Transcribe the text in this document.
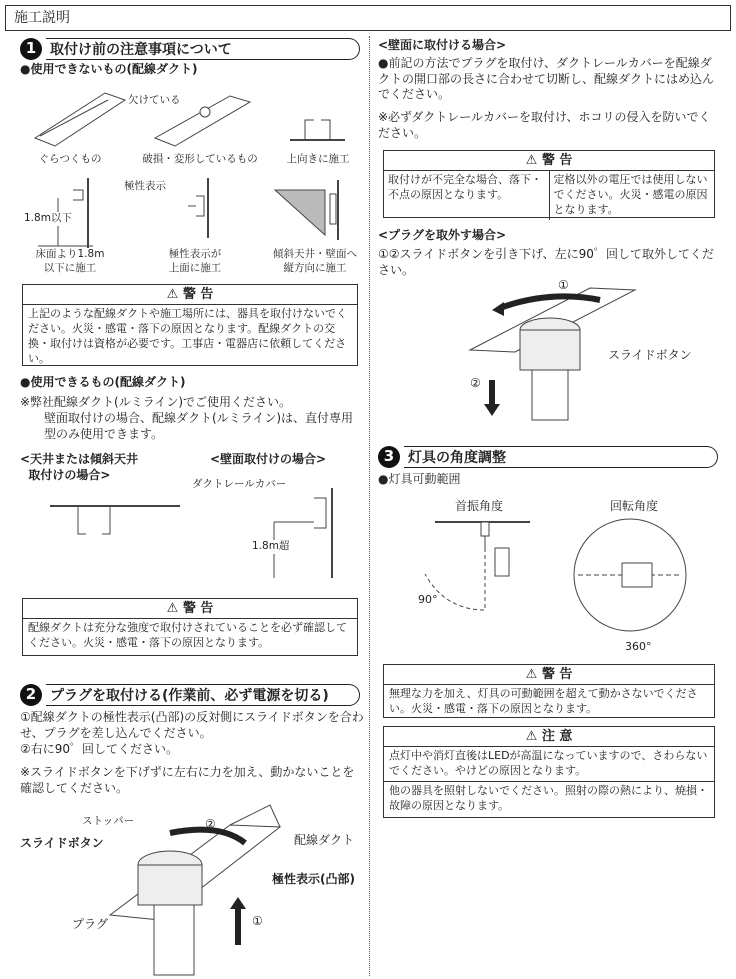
施工説明
1 取付け前の注意事項について
●使用できないもの(配線ダクト)
欠けている
ぐらつくもの	破損・変形しているもの	上向きに施工
1.8m以下
極性表示
床面より1.8m
以下に施工
極性表示が
上面に施工
傾斜天井・壁面へ
縦方向に施工
⚠ 警 告
上記のような配線ダクトや施工場所には、器具を取付けないでください。火災・感電・落下の原因となります。配線ダクトの交換・取付けは資格が必要です。工事店・電器店に依頼してください。
●使用できるもの(配線ダクト)
※弊社配線ダクト(ルミライン)でご使用ください。
壁面取付けの場合、配線ダクト(ルミライン)は、直付専用型のみ使用できます。
<天井または傾斜天井
取付けの場合>
<壁面取付けの場合>
ダクトレールカバー
1.8m超
⚠ 警 告
配線ダクトは充分な強度で取付けされていることを必ず確認してください。火災・感電・落下の原因となります。
2 プラグを取付ける(作業前、必ず電源を切る)
①配線ダクトの極性表示(凸部)の反対側にスライドボタンを合わせ、プラグを差し込んでください。
②右に90゜回してください。
※スライドボタンを下げずに左右に力を加え、動かないことを確認してください。
ストッパー
スライドボタン
プラグ
配線ダクト
極性表示(凸部)
②
①
<壁面に取付ける場合>
●前記の方法でプラグを取付け、ダクトレールカバーを配線ダクトの開口部の長さに合わせて切断し、配線ダクトにはめ込んでください。
※必ずダクトレールカバーを取付け、ホコリの侵入を防いでください。
⚠ 警 告
取付けが不完全な場合、落下・不点の原因となります。
定格以外の電圧では使用しないでください。火災・感電の原因となります。
<プラグを取外す場合>
①②スライドボタンを引き下げ、左に90゜回して取外してください。
①
②
スライドボタン
3 灯具の角度調整
●灯具可動範囲
首振角度	回転角度
90°
360°
⚠ 警 告
無理な力を加え、灯具の可動範囲を超えて動かさないでください。火災・感電・落下の原因となります。
⚠ 注 意
点灯中や消灯直後はLEDが高温になっていますので、さわらないでください。やけどの原因となります。
他の器具を照射しないでください。照射の際の熱により、焼損・故障の原因となります。
